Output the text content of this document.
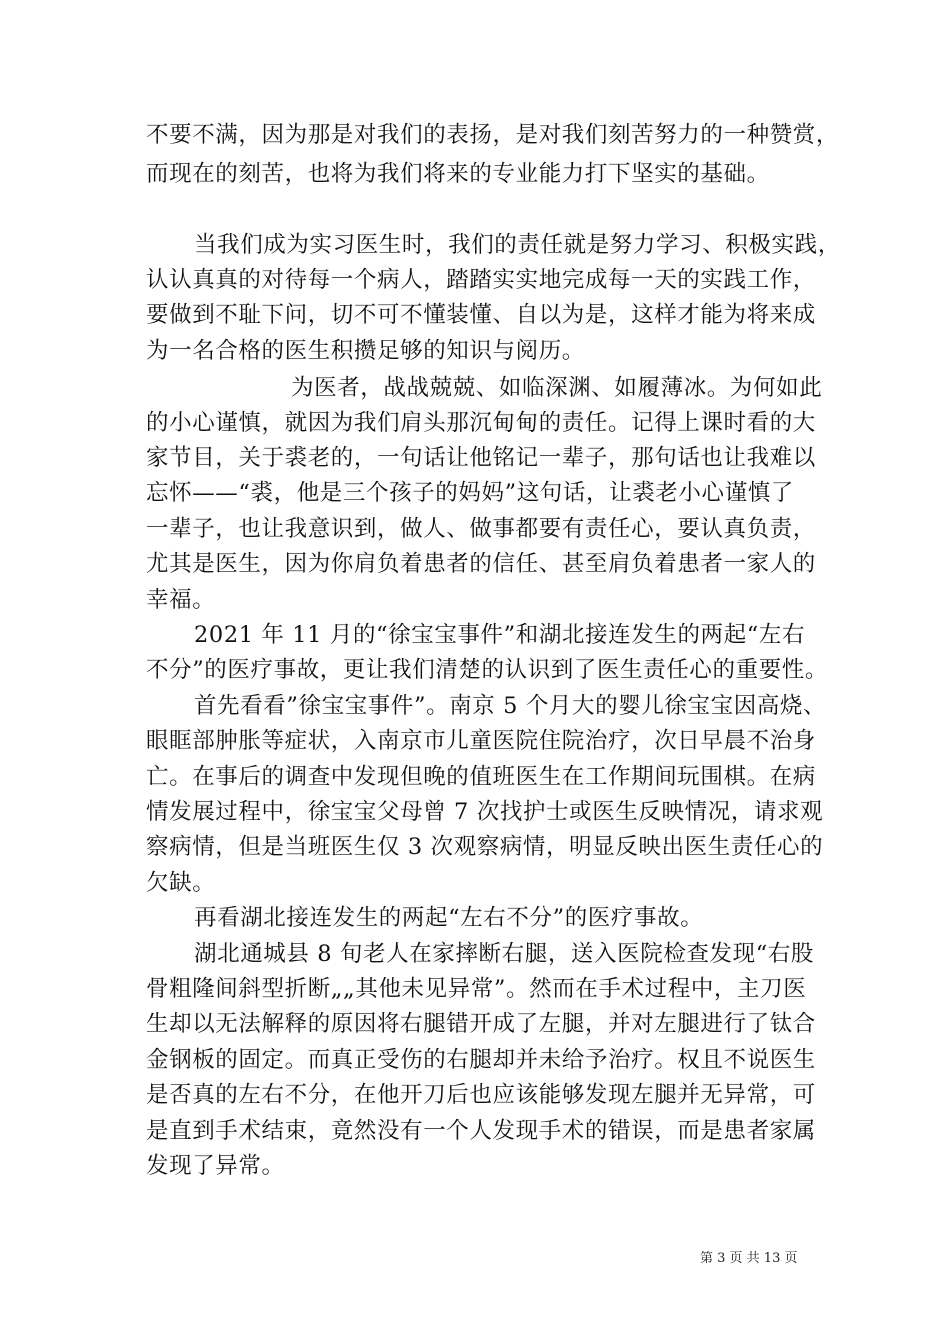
不要不满，因为那是对我们的表扬，是对我们刻苦努力的一种赞赏，
而现在的刻苦，也将为我们将来的专业能力打下坚实的基础。
当我们成为实习医生时，我们的责任就是努力学习、积极实践，
认认真真的对待每一个病人，踏踏实实地完成每一天的实践工作，
要做到不耻下问，切不可不懂装懂、自以为是，这样才能为将来成
为一名合格的医生积攒足够的知识与阅历。
为医者，战战兢兢、如临深渊、如履薄冰。为何如此
的小心谨慎，就因为我们肩头那沉甸甸的责任。记得上课时看的大
家节目，关于裘老的，一句话让他铭记一辈子，那句话也让我难以
忘怀——“裘，他是三个孩子的妈妈”这句话，让裘老小心谨慎了
一辈子，也让我意识到，做人、做事都要有责任心，要认真负责，
尤其是医生，因为你肩负着患者的信任、甚至肩负着患者一家人的
幸福。
2021 年 11 月的“徐宝宝事件”和湖北接连发生的两起“左右
不分”的医疗事故，更让我们清楚的认识到了医生责任心的重要性。
首先看看”徐宝宝事件”。南京 5 个月大的婴儿徐宝宝因高烧、
眼眶部肿胀等症状，入南京市儿童医院住院治疗，次日早晨不治身
亡。在事后的调查中发现但晚的值班医生在工作期间玩围棋。在病
情发展过程中，徐宝宝父母曾 7 次找护士或医生反映情况，请求观
察病情，但是当班医生仅 3 次观察病情，明显反映出医生责任心的
欠缺。
再看湖北接连发生的两起“左右不分”的医疗事故。
湖北通城县 8 旬老人在家摔断右腿，送入医院检查发现“右股
骨粗隆间斜型折断„„其他未见异常”。然而在手术过程中，主刀医
生却以无法解释的原因将右腿错开成了左腿，并对左腿进行了钛合
金钢板的固定。而真正受伤的右腿却并未给予治疗。权且不说医生
是否真的左右不分，在他开刀后也应该能够发现左腿并无异常，可
是直到手术结束，竟然没有一个人发现手术的错误，而是患者家属
发现了异常。
第 3 页 共 13 页
